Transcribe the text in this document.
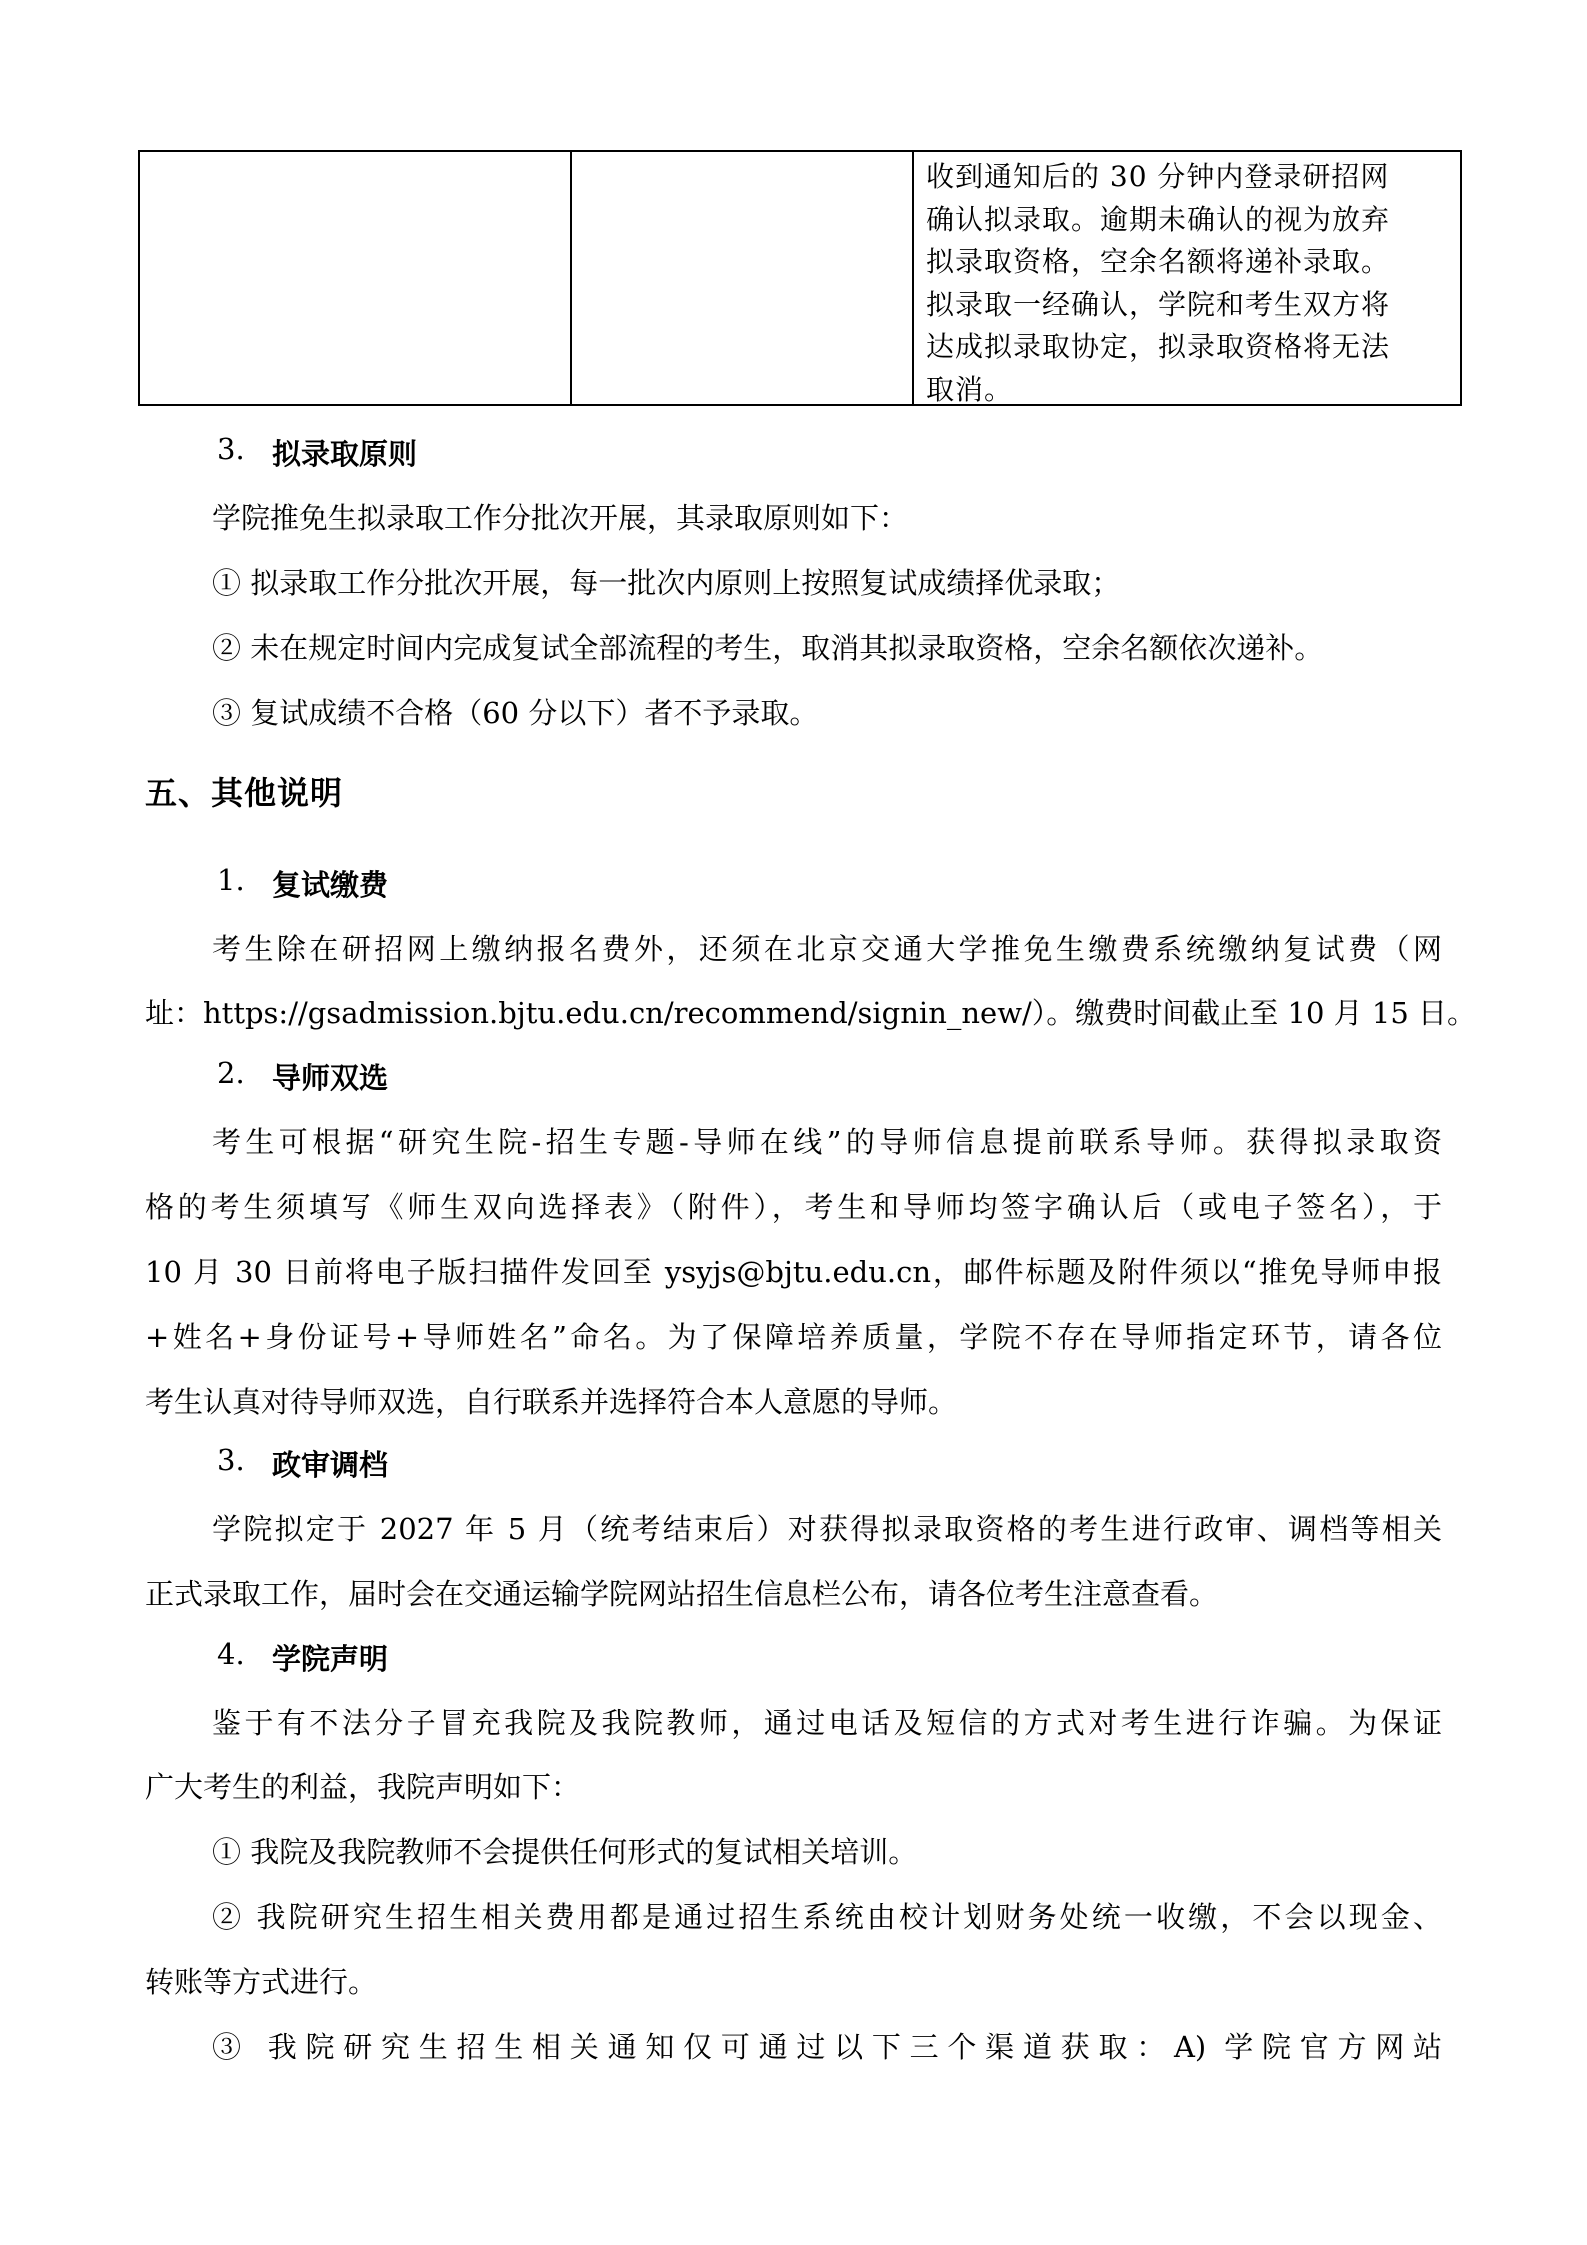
收到通知后的 30 分钟内登录研招网
确认拟录取。逾期未确认的视为放弃
拟录取资格，空余名额将递补录取。
拟录取一经确认，学院和考生双方将
达成拟录取协定，拟录取资格将无法
取消。
3. 拟录取原则
学院推免生拟录取工作分批次开展，其录取原则如下：
① 拟录取工作分批次开展，每一批次内原则上按照复试成绩择优录取；
② 未在规定时间内完成复试全部流程的考生，取消其拟录取资格，空余名额依次递补。
③ 复试成绩不合格（60 分以下）者不予录取。
五、其他说明
1. 复试缴费
考生除在研招网上缴纳报名费外，还须在北京交通大学推免生缴费系统缴纳复试费（网
址：https://gsadmission.bjtu.edu.cn/recommend/signin_new/）。缴费时间截止至 10 月 15 日。
2. 导师双选
考生可根据“研究生院-招生专题-导师在线”的导师信息提前联系导师。获得拟录取资
格的考生须填写《师生双向选择表》（附件），考生和导师均签字确认后（或电子签名），于
10 月 30 日前将电子版扫描件发回至 ysyjs@bjtu.edu.cn，邮件标题及附件须以“推免导师申报
+姓名+身份证号+导师姓名”命名。为了保障培养质量，学院不存在导师指定环节，请各位
考生认真对待导师双选，自行联系并选择符合本人意愿的导师。
3. 政审调档
学院拟定于 2027 年 5 月（统考结束后）对获得拟录取资格的考生进行政审、调档等相关
正式录取工作，届时会在交通运输学院网站招生信息栏公布，请各位考生注意查看。
4. 学院声明
鉴于有不法分子冒充我院及我院教师，通过电话及短信的方式对考生进行诈骗。为保证
广大考生的利益，我院声明如下：
① 我院及我院教师不会提供任何形式的复试相关培训。
② 我院研究生招生相关费用都是通过招生系统由校计划财务处统一收缴，不会以现金、
转账等方式进行。
③ 我院研究生招生相关通知仅可通过以下三个渠道获取：A) 学院官方网站
